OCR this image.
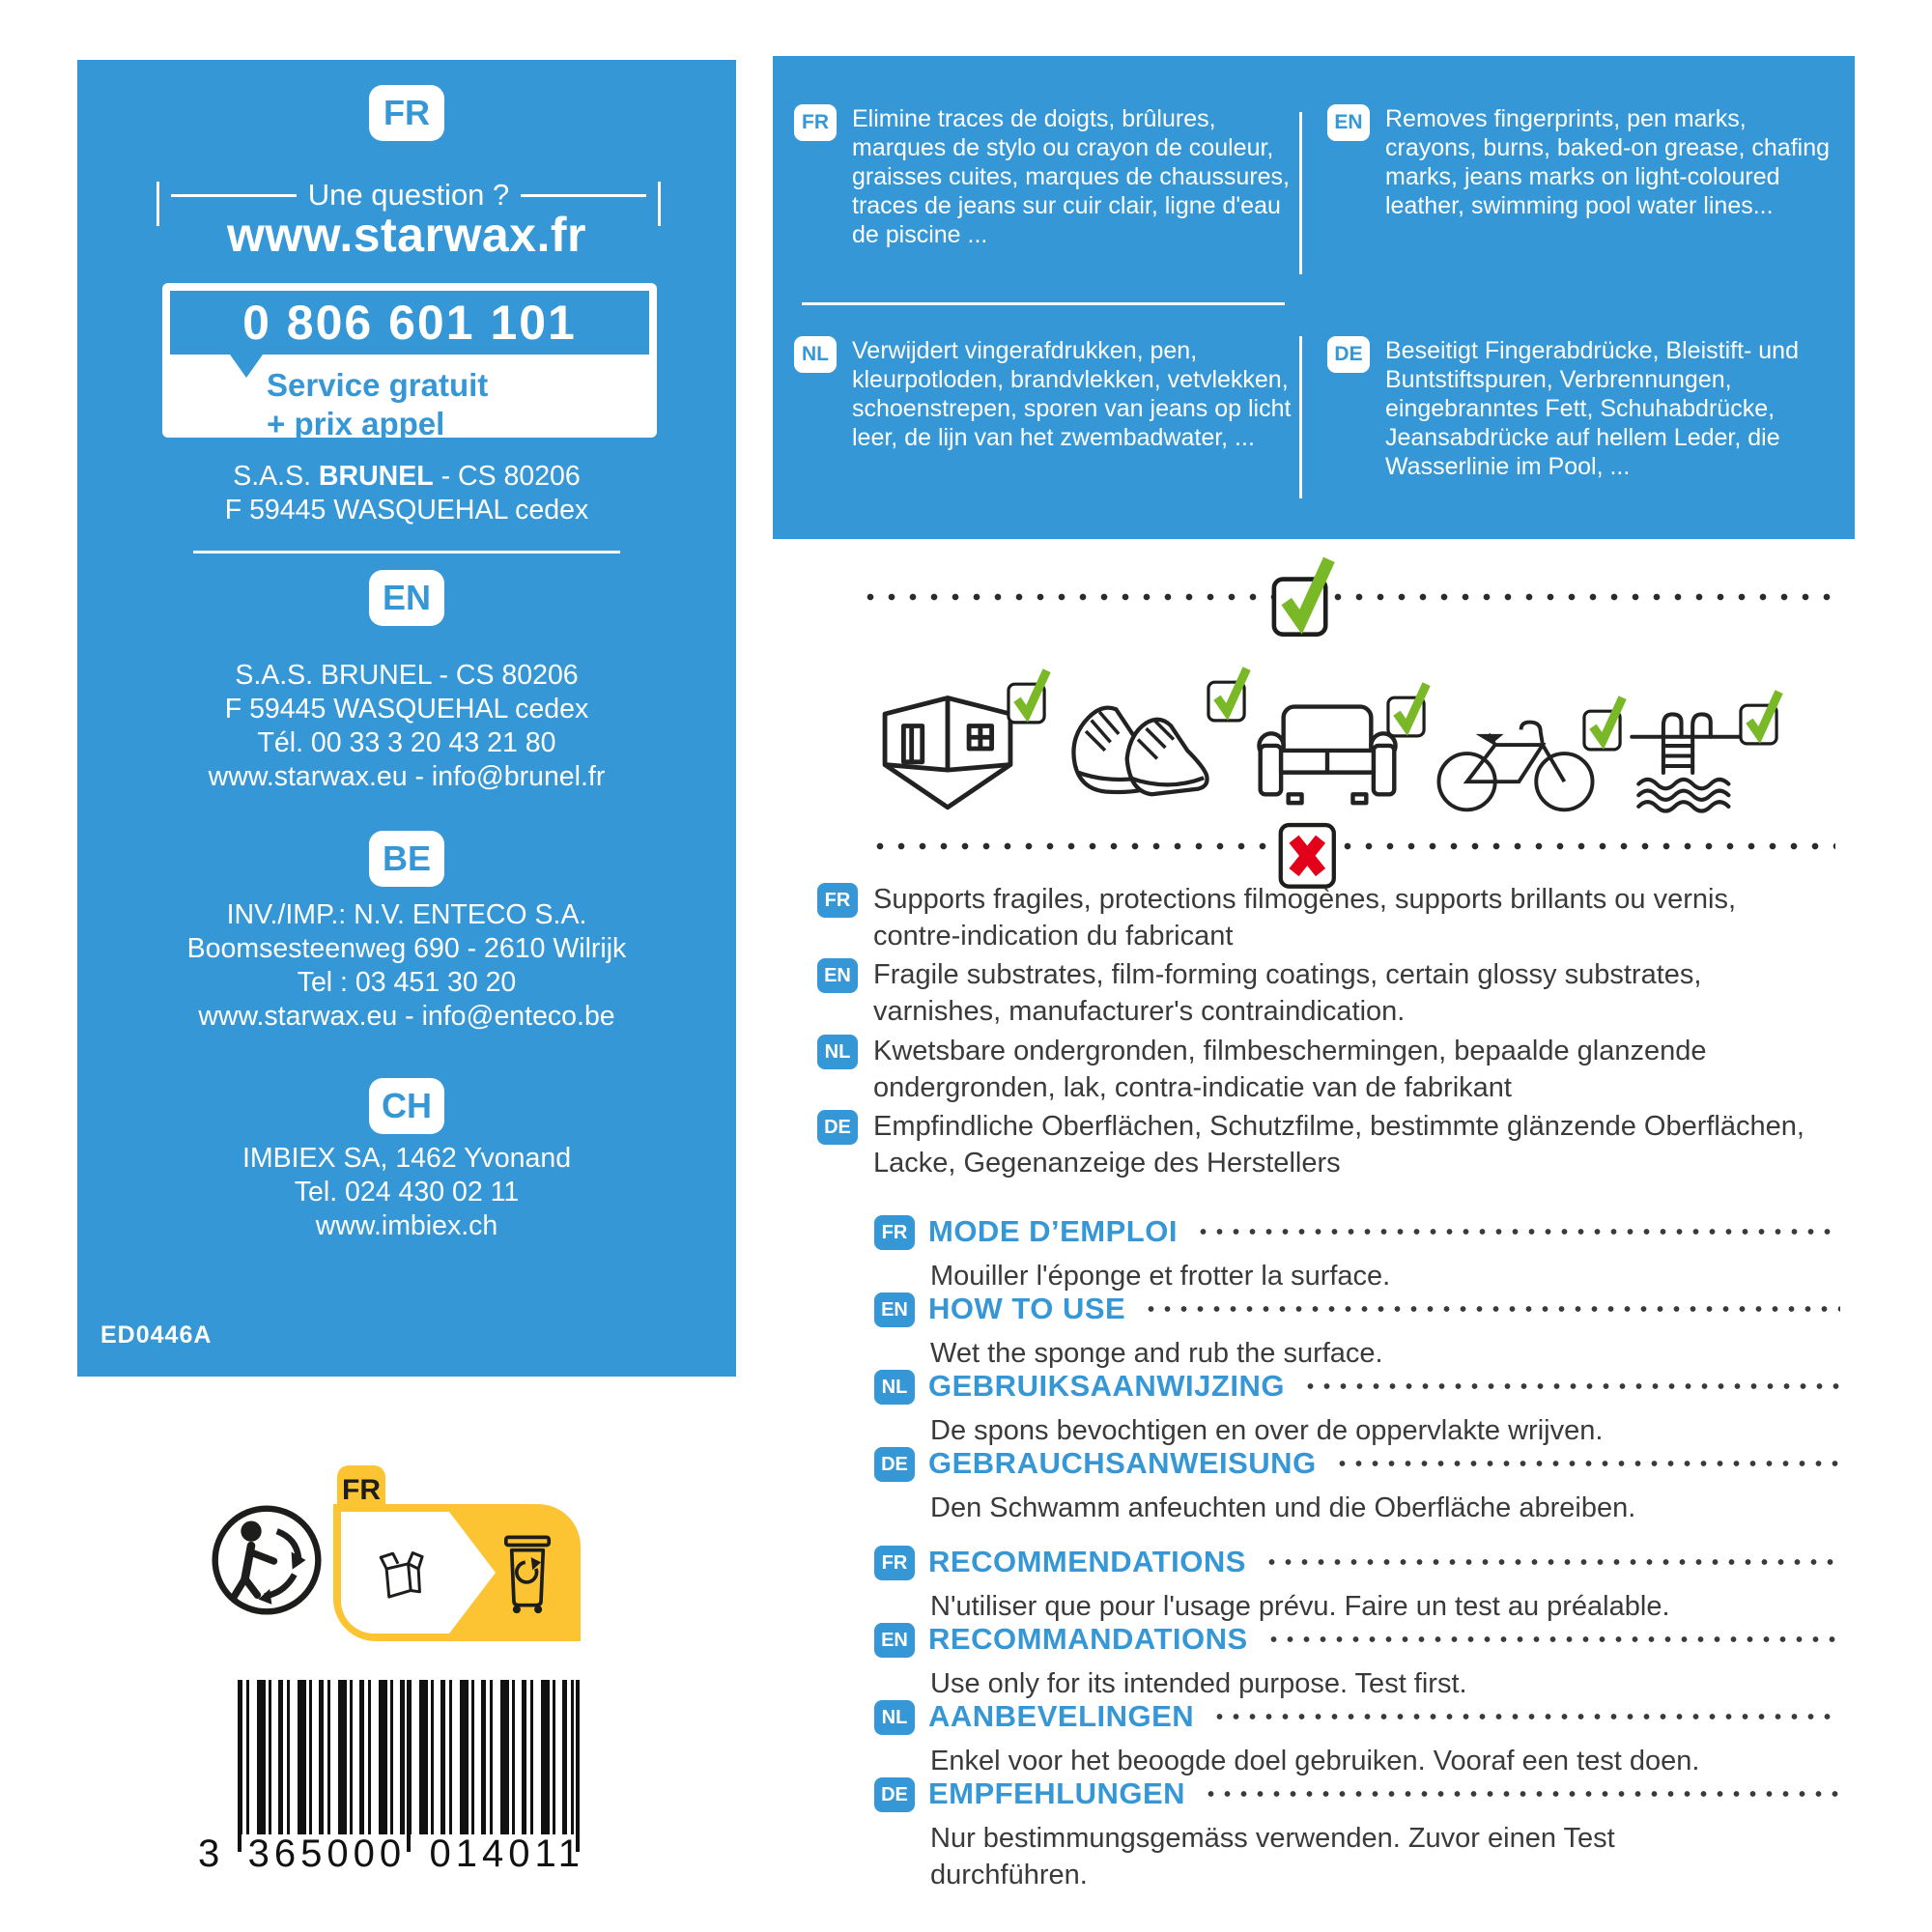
FR
Une question ?
www.starwax.fr
0 806 601 101
Service gratuit
+ prix appel
S.A.S. BRUNEL - CS 80206
F 59445 WASQUEHAL cedex
EN
S.A.S. BRUNEL - CS 80206
F 59445 WASQUEHAL cedex
Tél. 00 33 3 20 43 21 80
www.starwax.eu - info@brunel.fr
BE
INV./IMP.: N.V. ENTECO S.A.
Boomsesteenweg 690 - 2610 Wilrijk
Tel : 03 451 30 20
www.starwax.eu - info@enteco.be
CH
IMBIEX SA, 1462 Yvonand
Tel. 024 430 02 11
www.imbiex.ch
ED0446A
FR
3 365000 014011
FR Elimine traces de doigts, brûlures, marques de stylo ou crayon de couleur, graisses cuites, marques de chaussures, traces de jeans sur cuir clair, ligne d'eau de piscine ...

EN Removes fingerprints, pen marks, crayons, burns, baked-on grease, chafing marks, jeans marks on light-coloured leather, swimming pool water lines...

NL Verwijdert vingerafdrukken, pen, kleurpotloden, brandvlekken, vetvlekken, schoenstrepen, sporen van jeans op licht leer, de lijn van het zwembadwater, ...

DE Beseitigt Fingerabdrücke, Bleistift- und Buntstiftspuren, Verbrennungen, eingebranntes Fett, Schuhabdrücke, Jeansabdrücke auf hellem Leder, die Wasserlinie im Pool, ...

FR Supports fragiles, protections filmogènes, supports brillants ou vernis, contre-indication du fabricant

EN Fragile substrates, film-forming coatings, certain glossy substrates, varnishes, manufacturer's contraindication.

NL Kwetsbare ondergronden, filmbeschermingen, bepaalde glanzende ondergronden, lak, contra-indicatie van de fabrikant

DE Empfindliche Oberflächen, Schutzfilme, bestimmte glänzende Oberflächen, Lacke, Gegenanzeige des Herstellers

FR MODE D’EMPLOI
Mouiller l'éponge et frotter la surface.
EN HOW TO USE
Wet the sponge and rub the surface.
NL GEBRUIKSAANWIJZING
De spons bevochtigen en over de oppervlakte wrijven.
DE GEBRAUCHSANWEISUNG
Den Schwamm anfeuchten und die Oberfläche abreiben.
FR RECOMMENDATIONS
N'utiliser que pour l'usage prévu. Faire un test au préalable.
EN RECOMMANDATIONS
Use only for its intended purpose. Test first.
NL AANBEVELINGEN
Enkel voor het beoogde doel gebruiken. Vooraf een test doen.
DE EMPFEHLUNGEN
Nur bestimmungsgemäss verwenden. Zuvor einen Test durchführen.
